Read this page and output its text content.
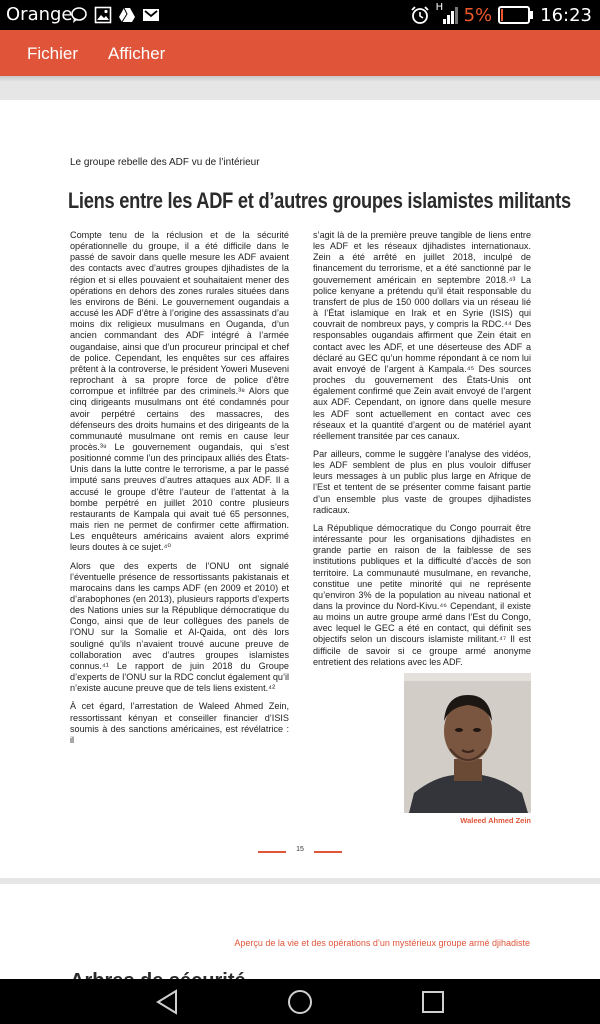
Orange	H 5%	16:23
Fichier Afficher
Le groupe rebelle des ADF vu de l’intérieur
Liens entre les ADF et d’autres groupes islamistes militants

Compte tenu de la réclusion et de la sécurité opérationnelle du groupe, il a été difficile dans le passé de savoir dans quelle mesure les ADF avaient des contacts avec d’autres groupes djihadistes de la région et si elles pouvaient et souhaitaient mener des opérations en dehors des zones rurales situées dans les environs de Béni. Le gouvernement ougandais a accusé les ADF d’être à l’origine des assassinats d’au moins dix religieux musulmans en Ouganda, d’un ancien commandant des ADF intégré à l’armée ougandaise, ainsi que d’un procureur principal et chef de police. Cependant, les enquêtes sur ces affaires prêtent à la controverse, le président Yoweri Museveni reprochant à sa propre force de police d’être corrompue et infiltrée par des criminels.³⁸ Alors que cinq dirigeants musulmans ont été condamnés pour avoir perpétré certains des massacres, des défenseurs des droits humains et des dirigeants de la communauté musulmane ont remis en cause leur procès.³⁹ Le gouvernement ougandais, qui s’est positionné comme l’un des principaux alliés des États-Unis dans la lutte contre le terrorisme, a par le passé imputé sans preuves d’autres attaques aux ADF. Il a accusé le groupe d’être l’auteur de l’attentat à la bombe perpétré en juillet 2010 contre plusieurs restaurants de Kampala qui avait tué 65 personnes, mais rien ne permet de confirmer cette affirmation. Les enquêteurs américains avaient alors exprimé leurs doutes à ce sujet.⁴⁰

Alors que des experts de l’ONU ont signalé l’éventuelle présence de ressortissants pakistanais et marocains dans les camps ADF (en 2009 et 2010) et d’arabophones (en 2013), plusieurs rapports d’experts des Nations unies sur la République démocratique du Congo, ainsi que de leur collègues des panels de l’ONU sur la Somalie et Al-Qaida, ont dès lors souligné qu’ils n’avaient trouvé aucune preuve de collaboration avec d’autres groupes islamistes connus.⁴¹ Le rapport de juin 2018 du Groupe d’experts de l’ONU sur la RDC conclut également qu’il n’existe aucune preuve que de tels liens existent.⁴²

À cet égard, l’arrestation de Waleed Ahmed Zein, ressortissant kényan et conseiller financier d’ISIS soumis à des sanctions américaines, est révélatrice : il

s’agit là de la première preuve tangible de liens entre les ADF et les réseaux djihadistes internationaux. Zein a été arrêté en juillet 2018, inculpé de financement du terrorisme, et a été sanctionné par le gouvernement américain en septembre 2018.⁴³ La police kenyane a prétendu qu’il était responsable du transfert de plus de 150 000 dollars via un réseau lié à l’État islamique en Irak et en Syrie (ISIS) qui couvrait de nombreux pays, y compris la RDC.⁴⁴ Des responsables ougandais affirment que Zein était en contact avec les ADF, et une déserteuse des ADF a déclaré au GEC qu’un homme répondant à ce nom lui avait envoyé de l’argent à Kampala.⁴⁵ Des sources proches du gouvernement des États-Unis ont également confirmé que Zein avait envoyé de l’argent aux ADF. Cependant, on ignore dans quelle mesure les ADF sont actuellement en contact avec ces réseaux et la quantité d’argent ou de matériel ayant réellement transitée par ces canaux.

Par ailleurs, comme le suggère l’analyse des vidéos, les ADF semblent de plus en plus vouloir diffuser leurs messages à un public plus large en Afrique de l’Est et tentent de se présenter comme faisant partie d’un ensemble plus vaste de groupes djihadistes radicaux.

La République démocratique du Congo pourrait être intéressante pour les organisations djihadistes en grande partie en raison de la faiblesse de ses institutions publiques et la difficulté d’accès de son territoire. La communauté musulmane, en revanche, constitue une petite minorité qui ne représente qu’environ 3% de la population au niveau national et dans la province du Nord-Kivu.⁴⁶ Cependant, il existe au moins un autre groupe armé dans l’Est du Congo, avec lequel le GEC a été en contact, qui définit ses objectifs selon un discours islamiste militant.⁴⁷ Il est difficile de savoir si ce groupe armé anonyme entretient des relations avec les ADF.

Waleed Ahmed Zein
15
Aperçu de la vie et des opérations d’un mystérieux groupe armé djihadiste
